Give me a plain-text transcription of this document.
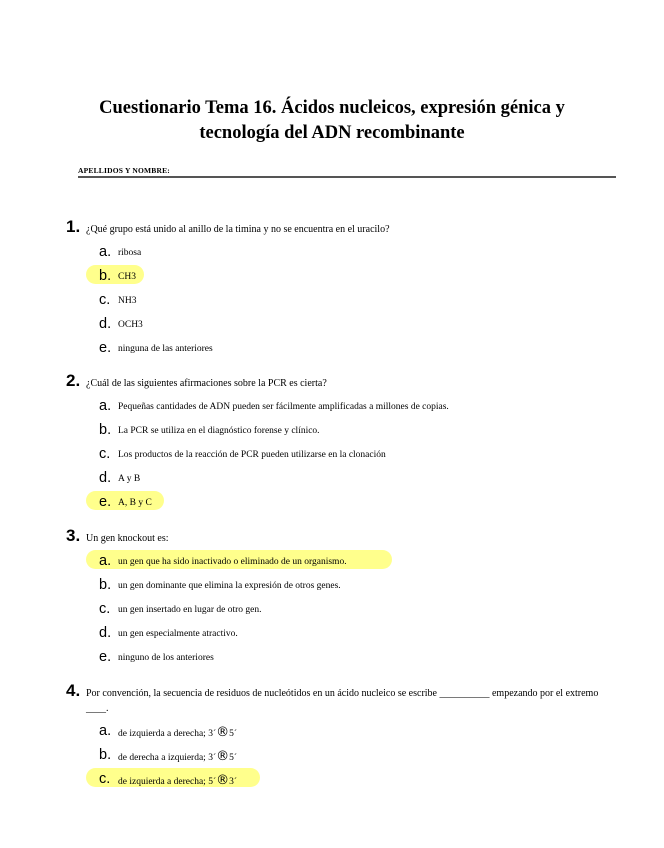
Cuestionario Tema 16. Ácidos nucleicos, expresión génica y
tecnología del ADN recombinante
APELLIDOS Y NOMBRE:
1. ¿Qué grupo está unido al anillo de la timina y no se encuentra en el uracilo?
a. ribosa
b. CH3
c. NH3
d. OCH3
e. ninguna de las anteriores
2. ¿Cuál de las siguientes afirmaciones sobre la PCR es cierta?
a. Pequeñas cantidades de ADN pueden ser fácilmente amplificadas a millones de copias.
b. La PCR se utiliza en el diagnóstico forense y clínico.
c. Los productos de la reacción de PCR pueden utilizarse en la clonación
d. A y B
e. A, B y C
3. Un gen knockout es:
a. un gen que ha sido inactivado o eliminado de un organismo.
b. un gen dominante que elimina la expresión de otros genes.
c. un gen insertado en lugar de otro gen.
d. un gen especialmente atractivo.
e. ninguno de los anteriores
4. Por convención, la secuencia de residuos de nucleótidos en un ácido nucleico se escribe __________ empezando por el extremo ____.
a. de izquierda a derecha; 3´®5´
b. de derecha a izquierda; 3´®5´
c. de izquierda a derecha; 5´®3´
